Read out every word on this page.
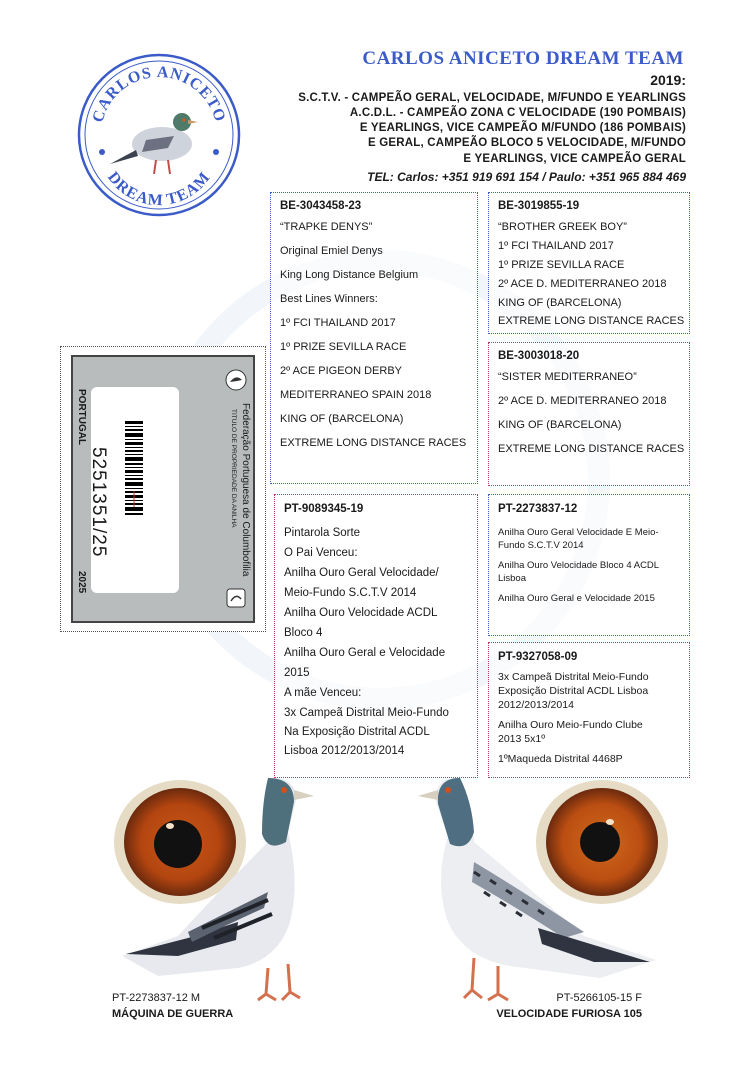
CARLOS ANICETO
DREAM TEAM
CARLOS ANICETO DREAM TEAM
2019:
S.C.T.V. - CAMPEÃO GERAL, VELOCIDADE, M/FUNDO E YEARLINGS
A.C.D.L. - CAMPEÃO ZONA C VELOCIDADE (190 POMBAIS)
E YEARLINGS, VICE CAMPEÃO M/FUNDO (186 POMBAIS)
E GERAL, CAMPEÃO BLOCO 5 VELOCIDADE, M/FUNDO
E YEARLINGS, VICE CAMPEÃO GERAL
TEL: Carlos: +351 919 691 154 / Paulo: +351 965 884 469
BE-3043458-23
“TRAPKE DENYS”
Original Emiel Denys
King Long Distance Belgium
Best Lines Winners:
1º FCI THAILAND 2017
1º PRIZE SEVILLA RACE
2º ACE PIGEON DERBY
MEDITERRANEO SPAIN 2018
KING OF (BARCELONA)
EXTREME LONG DISTANCE RACES
BE-3019855-19
“BROTHER GREEK BOY”
1º FCI THAILAND 2017
1º PRIZE SEVILLA RACE
2º ACE D. MEDITERRANEO 2018
KING OF (BARCELONA)
EXTREME LONG DISTANCE RACES
BE-3003018-20
“SISTER MEDITERRANEO”
2º ACE D. MEDITERRANEO 2018
KING OF (BARCELONA)
EXTREME LONG DISTANCE RACES
PT-9089345-19
Pintarola Sorte
O Pai Venceu:
Anilha Ouro Geral Velocidade/
Meio-Fundo S.C.T.V 2014
Anilha Ouro Velocidade ACDL
Bloco 4
Anilha Ouro Geral e Velocidade
2015
A mãe Venceu:
3x Campeã Distrital Meio-Fundo
Na Exposição Distrital ACDL
Lisboa 2012/2013/2014
PT-2273837-12
Anilha Ouro Geral Velocidade E Meio-
Fundo S.C.T.V 2014
Anilha Ouro Velocidade Bloco 4 ACDL
Lisboa
Anilha Ouro Geral e Velocidade 2015
PT-9327058-09
3x Campeã Distrital Meio-Fundo
Exposição Distrital ACDL Lisboa
2012/2013/2014
Anilha Ouro Meio-Fundo Clube
2013 5x1º
1ºMaqueda Distrital 4468P
5251351/25
PORTUGAL	Federação Portuguesa de Columbofilia
TITULO DE PROPRIEDADE DA ANILHA
2025
PT-2273837-12 M
MÁQUINA DE GUERRA
PT-5266105-15 F
VELOCIDADE FURIOSA 105
